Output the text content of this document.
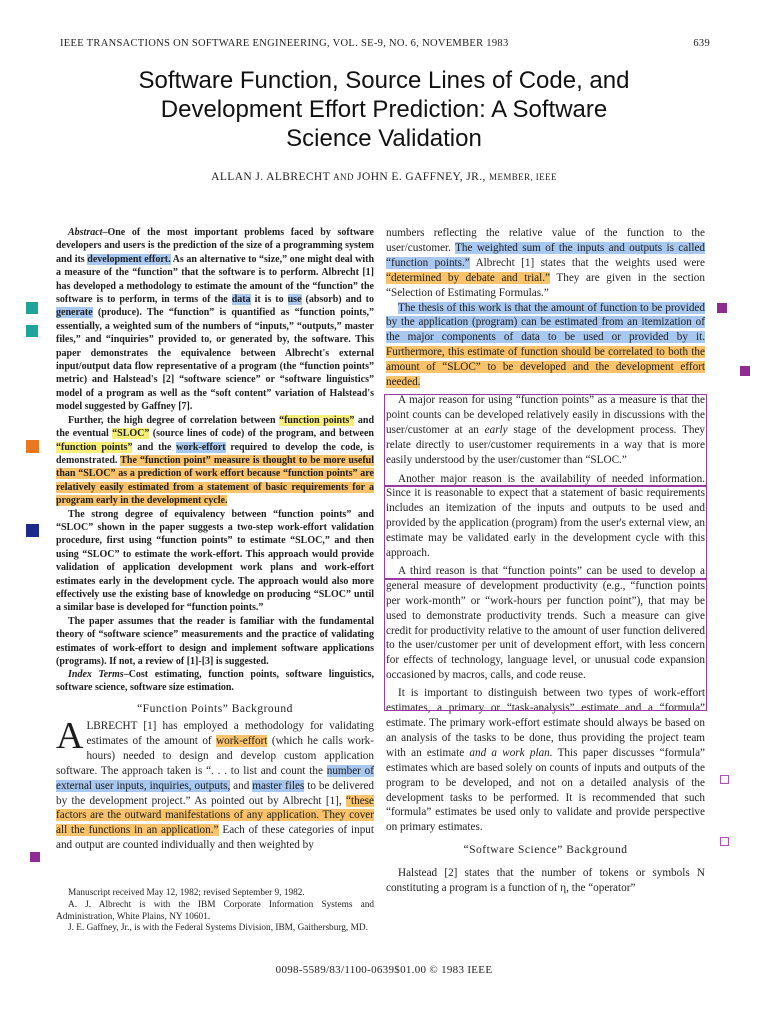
IEEE TRANSACTIONS ON SOFTWARE ENGINEERING, VOL. SE-9, NO. 6, NOVEMBER 1983	639
Software Function, Source Lines of Code, and
Development Effort Prediction: A Software
Science Validation
ALLAN J. ALBRECHT AND JOHN E. GAFFNEY, JR., MEMBER, IEEE

Abstract–One of the most important problems faced by software developers and users is the prediction of the size of a programming system and its development effort. As an alternative to “size,” one might deal with a measure of the “function” that the software is to perform. Albrecht [1] has developed a methodology to estimate the amount of the “function” the software is to perform, in terms of the data it is to use (absorb) and to generate (produce). The “function” is quantified as “function points,” essentially, a weighted sum of the numbers of “inputs,” “outputs,” master files,” and “inquiries” provided to, or generated by, the software. This paper demonstrates the equivalence between Albrecht's external input/output data flow representative of a program (the “function points” metric) and Halstead's [2] “software science” or “software linguistics” model of a program as well as the “soft content” variation of Halstead's model suggested by Gaffney [7].

Further, the high degree of correlation between “function points” and the eventual “SLOC” (source lines of code) of the program, and between “function points” and the work-effort required to develop the code, is demonstrated. The “function point” measure is thought to be more useful than “SLOC” as a prediction of work effort because “function points” are relatively easily estimated from a statement of basic requirements for a program early in the development cycle.

The strong degree of equivalency between “function points” and “SLOC” shown in the paper suggests a two-step work-effort validation procedure, first using “function points” to estimate “SLOC,” and then using “SLOC” to estimate the work-effort. This approach would provide validation of application development work plans and work-effort estimates early in the development cycle. The approach would also more effectively use the existing base of knowledge on producing “SLOC” until a similar base is developed for “function points.”

The paper assumes that the reader is familiar with the fundamental theory of “software science” measurements and the practice of validating estimates of work-effort to design and implement software applications (programs). If not, a review of [1]-[3] is suggested.

Index Terms–Cost estimating, function points, software linguistics, software science, software size estimation.

“Function Points” Background
ALBRECHT [1] has employed a methodology for validating estimates of the amount of work-effort (which he calls work-hours) needed to design and develop custom application software. The approach taken is “. . . to list and count the number of external user inputs, inquiries, outputs, and master files to be delivered by the development project.” As pointed out by Albrecht [1], “these factors are the outward manifestations of any application. They cover all the functions in an application.” Each of these categories of input and output are counted individually and then weighted by

Manuscript received May 12, 1982; revised September 9, 1982.

A. J. Albrecht is with the IBM Corporate Information Systems and Administration, White Plains, NY 10601.

J. E. Gaffney, Jr., is with the Federal Systems Division, IBM, Gaithersburg, MD.

numbers reflecting the relative value of the function to the user/customer. The weighted sum of the inputs and outputs is called “function points.” Albrecht [1] states that the weights used were “determined by debate and trial.” They are given in the section “Selection of Estimating Formulas.”

The thesis of this work is that the amount of function to be provided by the application (program) can be estimated from an itemization of the major components of data to be used or provided by it. Furthermore, this estimate of function should be correlated to both the amount of “SLOC” to be developed and the development effort needed.

A major reason for using “function points” as a measure is that the point counts can be developed relatively easily in discussions with the user/customer at an early stage of the development process. They relate directly to user/customer requirements in a way that is more easily understood by the user/customer than “SLOC.”

Another major reason is the availability of needed information. Since it is reasonable to expect that a statement of basic requirements includes an itemization of the inputs and outputs to be used and provided by the application (program) from the user's external view, an estimate may be validated early in the development cycle with this approach.

A third reason is that “function points” can be used to develop a general measure of development productivity (e.g., “function points per work-month” or “work-hours per function point”), that may be used to demonstrate productivity trends. Such a measure can give credit for productivity relative to the amount of user function delivered to the user/customer per unit of development effort, with less concern for effects of technology, language level, or unusual code expansion occasioned by macros, calls, and code reuse.

It is important to distinguish between two types of work-effort estimates, a primary or “task-analysis” estimate and a “formula” estimate. The primary work-effort estimate should always be based on an analysis of the tasks to be done, thus providing the project team with an estimate and a work plan. This paper discusses “formula” estimates which are based solely on counts of inputs and outputs of the program to be developed, and not on a detailed analysis of the development tasks to be performed. It is recommended that such “formula” estimates be used only to validate and provide perspective on primary estimates.

“Software Science” Background

Halstead [2] states that the number of tokens or symbols N constituting a program is a function of η, the “operator”

0098-5589/83/1100-0639$01.00 © 1983 IEEE
